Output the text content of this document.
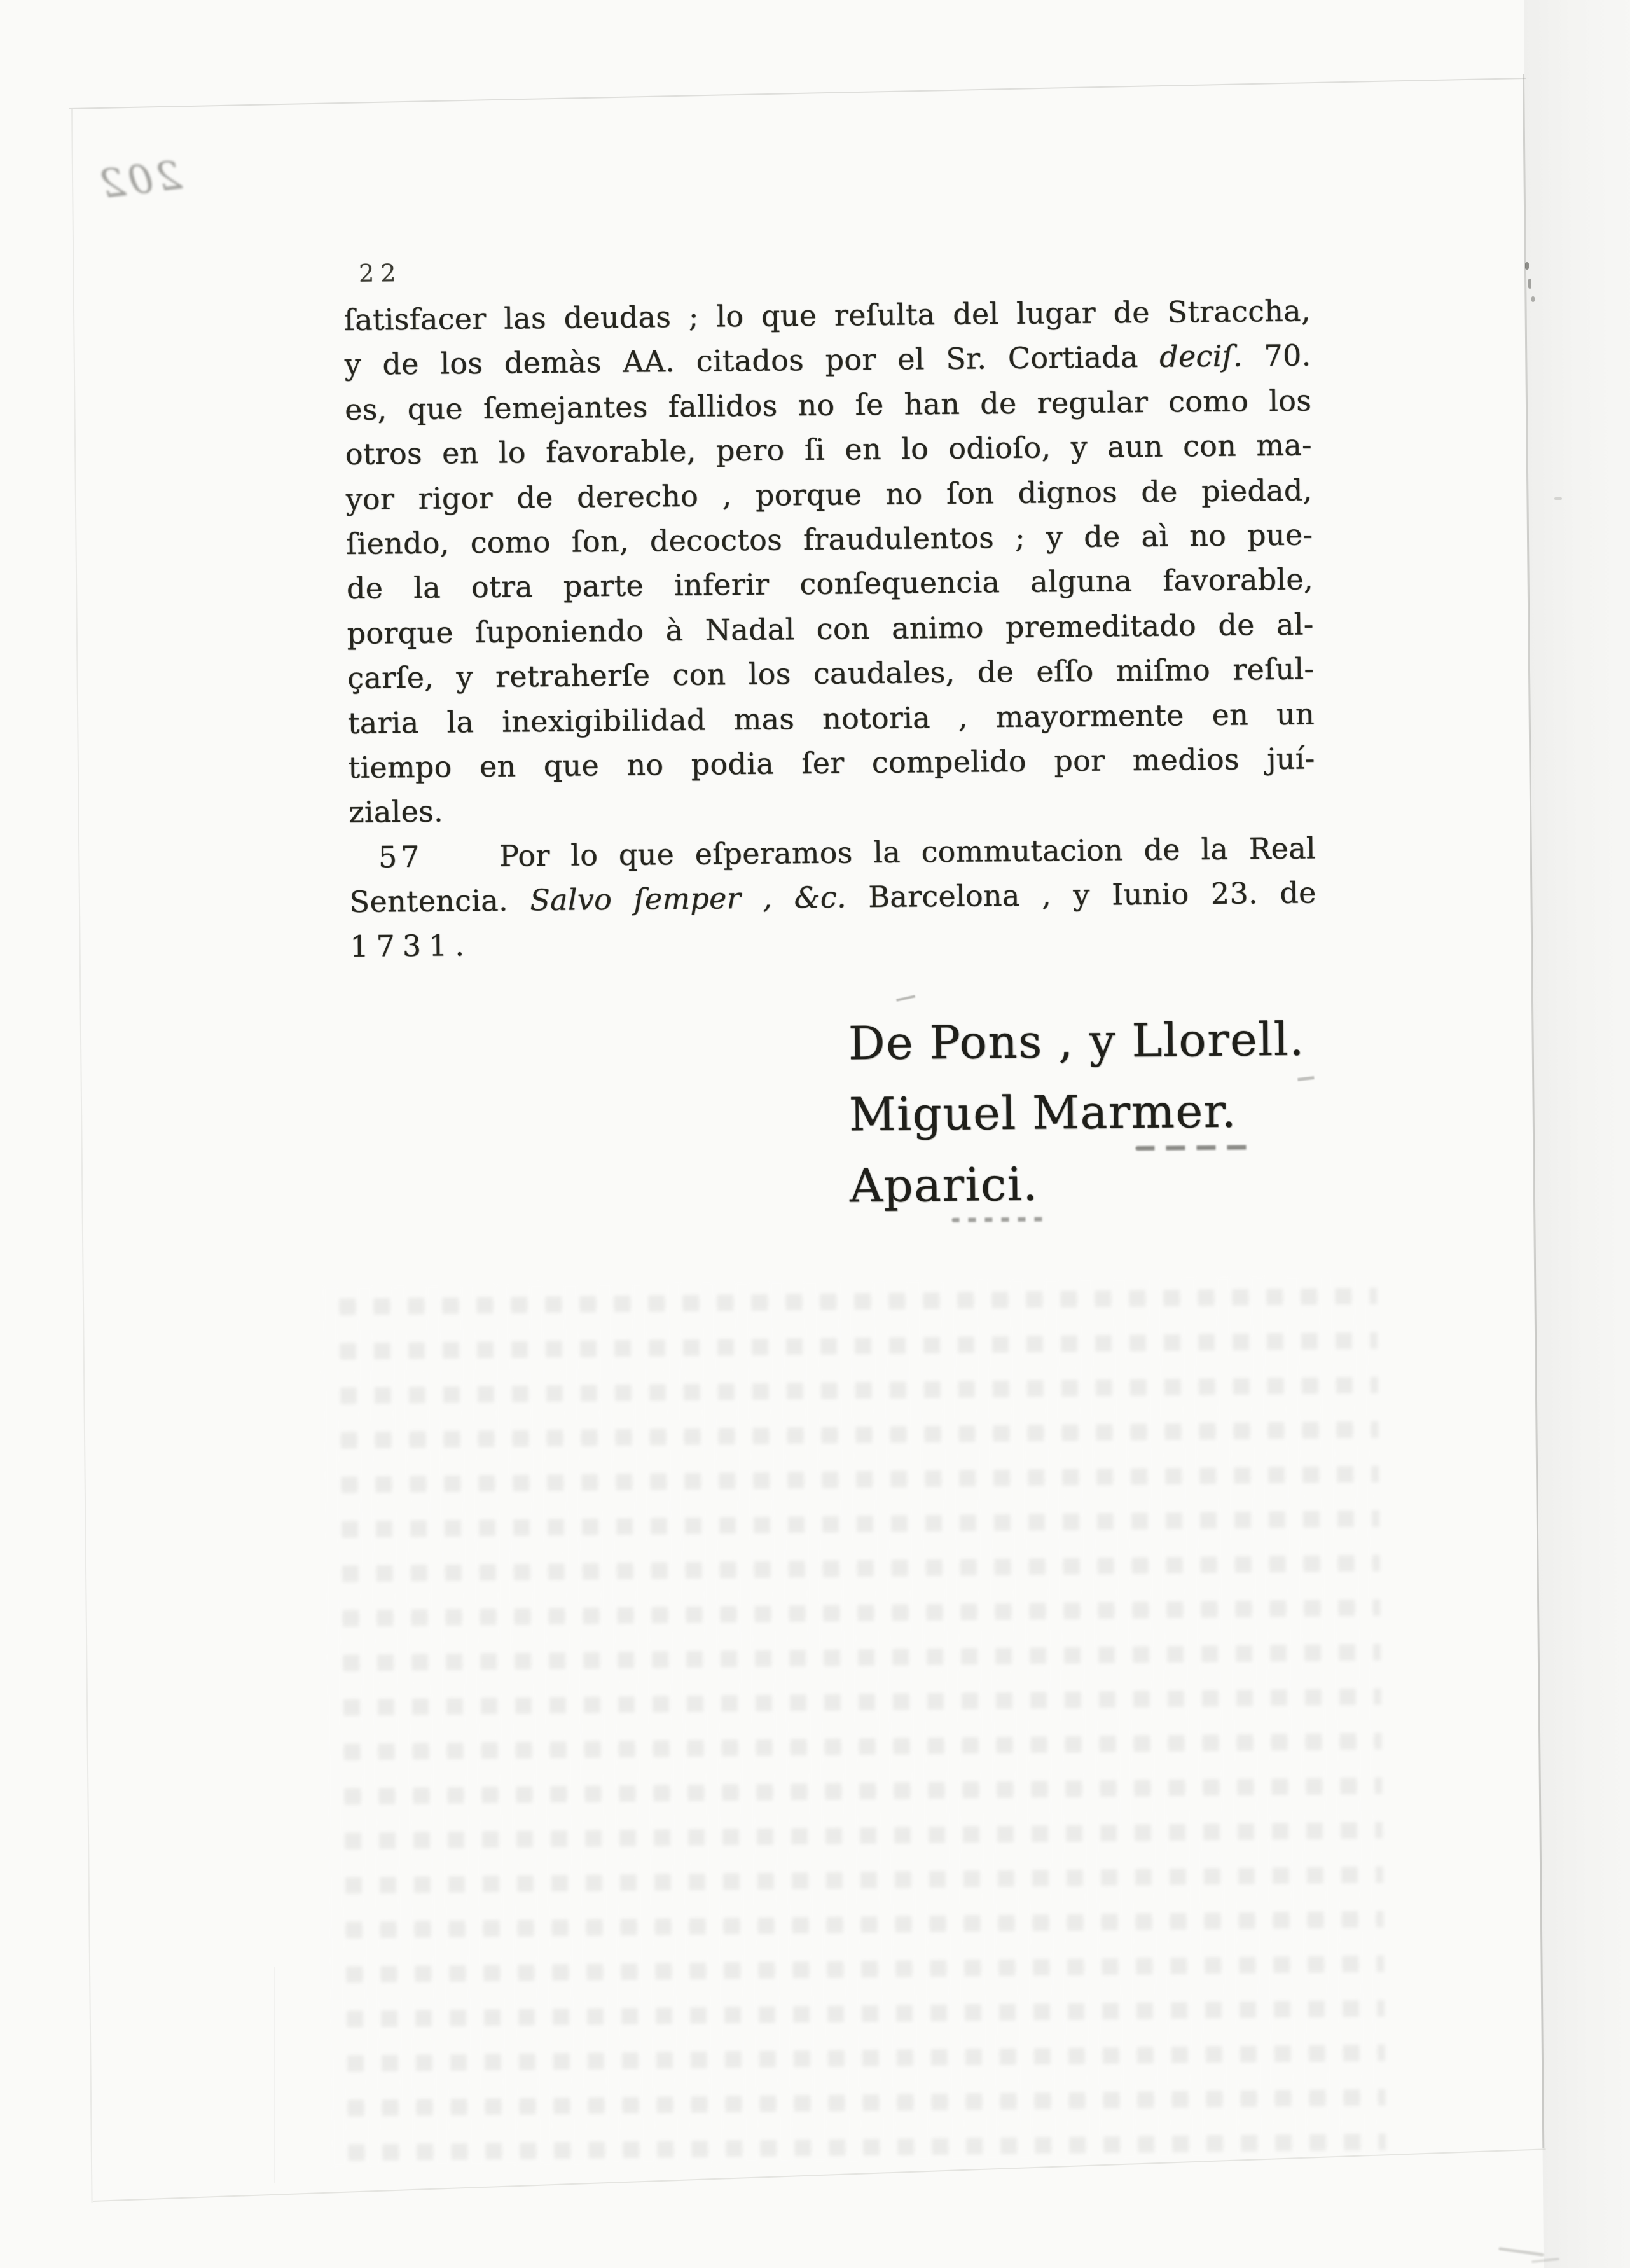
202
22
ſatisfacer las deudas ; lo que reſulta del lugar de Straccha,
y de los demàs AA. citados por el Sr. Cortiada deciſ. 70.
es, que ſemejantes fallidos no ſe han de regular como los
otros en lo favorable, pero ſi en lo odioſo, y aun con ma-
yor rigor de derecho , porque no ſon dignos de piedad,
ſiendo, como ſon, decoctos fraudulentos ; y de aì no pue-
de la otra parte inferir conſequencia alguna favorable,
porque ſuponiendo à Nadal con animo premeditado de al-
çarſe, y retraherſe con los caudales, de eſſo miſmo reſul-
taria la inexigibilidad mas notoria , mayormente en un
tiempo en que no podia ſer compelido por medios juí-
ziales.
57	Por lo que eſperamos la commutacion de la Real
Sentencia. Salvo ſemper , &c. Barcelona , y Iunio 23. de
1731.
De Pons , y Llorell.
Miguel Marmer.
Aparici.
